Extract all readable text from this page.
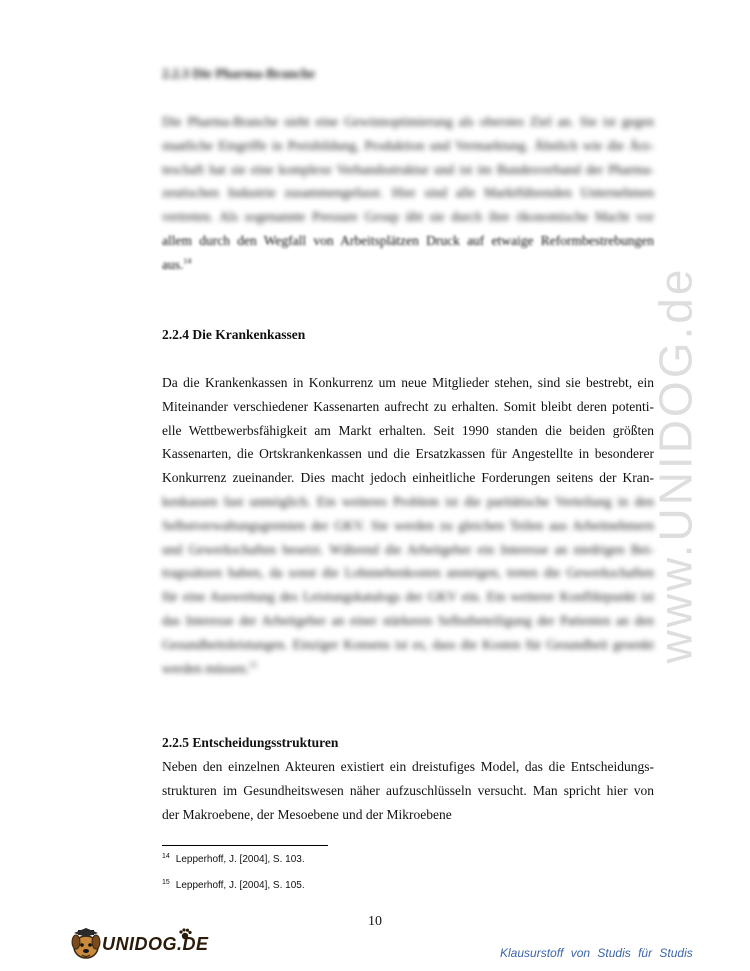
www.UNIDOG.de

2.2.3 Die Pharma-Branche

Die Pharma-Branche sieht eine Gewinnoptimierung als oberstes Ziel an. Sie ist gegen
staatliche Eingriffe in Preisbildung, Produktion und Vermarktung. Ähnlich wie die Ärz-
teschaft hat sie eine komplexe Verbandsstruktur und ist im Bundesverband der Pharma-
zeutischen Industrie zusammengefasst. Hier sind alle Marktführenden Unternehmen
vertreten. Als sogenannte Pressure Group übt sie durch ihre ökonomische Macht vor
allem durch den Wegfall von Arbeitsplätzen Druck auf etwaige Reformbestrebungen
aus.$^{14}$

2.2.4 Die Krankenkassen

Da die Krankenkassen in Konkurrenz um neue Mitglieder stehen, sind sie bestrebt, ein
Miteinander verschiedener Kassenarten aufrecht zu erhalten. Somit bleibt deren potenti-
elle Wettbewerbsfähigkeit am Markt erhalten. Seit 1990 standen die beiden größten
Kassenarten, die Ortskrankenkassen und die Ersatzkassen für Angestellte in besonderer
Konkurrenz zueinander. Dies macht jedoch einheitliche Forderungen seitens der Kran-
kenkassen fast unmöglich. Ein weiteres Problem ist die paritätische Verteilung in den
Selbstverwaltungsgremien der GKV. Sie werden zu gleichen Teilen aus Arbeitnehmern
und Gewerkschaften besetzt. Während die Arbeitgeber ein Interesse an niedrigen Bei-
tragssätzen haben, da sonst die Lohnnebenkosten ansteigen, treten die Gewerkschaften
für eine Ausweitung des Leistungskatalogs der GKV ein. Ein weiterer Konfliktpunkt ist
das Interesse der Arbeitgeber an einer stärkeren Selbstbeteiligung der Patienten an den
Gesundheitsleistungen. Einziger Konsens ist es, dass die Kosten für Gesundheit gesenkt
werden müssen.$^{15}$

2.2.5 Entscheidungsstrukturen

Neben den einzelnen Akteuren existiert ein dreistufiges Model, das die Entscheidungs-
strukturen im Gesundheitswesen näher aufzuschlüsseln versucht. Man spricht hier von
der Makroebene, der Mesoebene und der Mikroebene
$^{14}$ Lepperhoff, J. [2004], S. 103.
$^{15}$ Lepperhoff, J. [2004], S. 105.
10
UNIDOG.DE	Klausurstoff von Studis für Studis
